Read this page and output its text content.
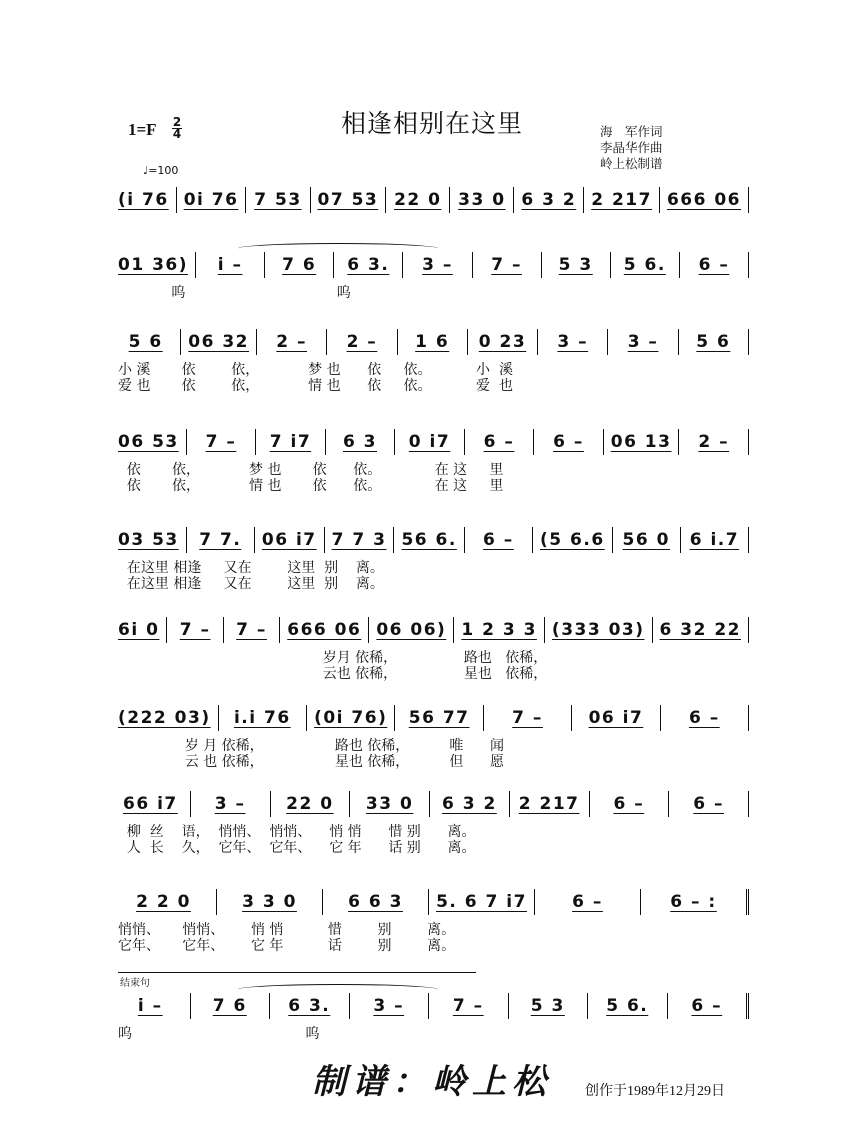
相逢相别在这里
1=F 2
4
♩=100
海　军作词
李晶华作曲
岭上松制谱
(i 76 0i 76 7 53 07 53 22 0 33 0 6 3 2 2 217 666 06
01 36)	i –	7 6	6 3.	3 –	7 –	5 3	5 6.	6 –
呜                                  呜
5 6	06 32	2 –	2 –	1 6	0 23	3 –	3 –	5 6
小 溪       依        依，           梦 也      依     依。          小  溪
爱 也       依        依，           情 也      依     依。          爱  也
06 53	7 –	7 i7	6 3	0 i7	6 –	6 –	06 13	2 –
依       依，           梦 也       依      依。            在 这     里
依       依，           情 也       依      依。            在 这     里
03 53	7 7.	06 i7 7 7 3 56 6.	6 –	(5 6.6 56 0 6 i.7
在这里 相逢     又在        这里  别    离。
在这里 相逢     又在        这里  别    离。
6i 0	7 –	7 –	666 06 06 06) 1 2 3 3 (333 03) 6 32 22
岁月 依稀，               路也   依稀，
云也 依稀，               星也   依稀，
(222 03)	i.i 76	(0i 76)	56 77	7 –	06 i7	6 –
岁 月 依稀，                路也 依稀，         唯      闻
云 也 依稀，                星也 依稀，         但      愿
66 i7	3 –	22 0	33 0	6 3 2 2 217	6 –	6 –
柳  丝    语，  悄悄、  悄悄、    悄 悄      惜 别      离。
人  长    久，  它年、  它年、    它 年      话 别      离。
2 2 0	3 3 0	6 6 3	5. 6 7 i7	6 –	6 – :
悄悄、     悄悄、      悄 悄          惜        别        离。
它年、     它年、      它 年          话        别        离。
i –	7 6	6 3.	3 –	7 –	5 3	5 6.	6 –
呜                                       呜
结束句
制谱：岭上松 创作于1989年12月29日
